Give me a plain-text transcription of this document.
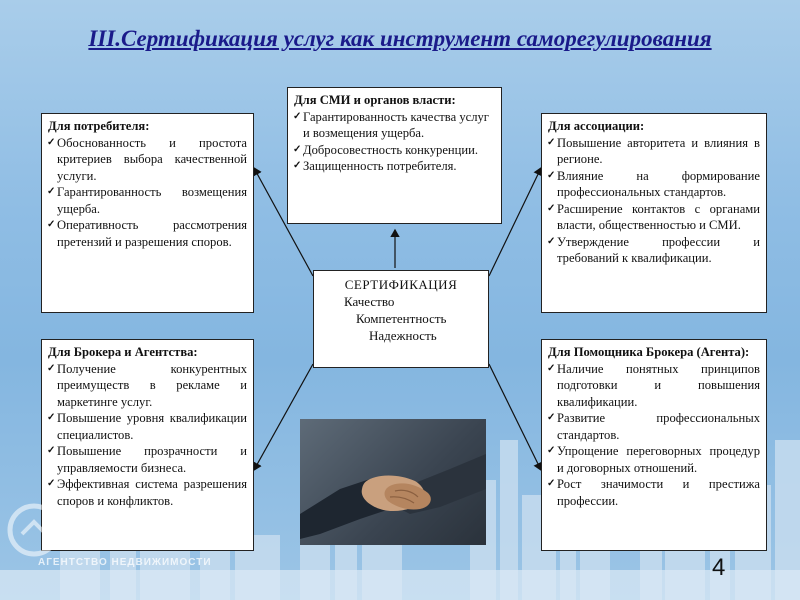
III.Сертификация услуг как инструмент саморегулирования
Для СМИ и органов власти:
✓ Гарантированность качества услуг и возмещения ущерба.
✓ Добросовестность конкуренции.
✓ Защищенность потребителя.
Для потребителя:
✓ Обоснованность и простота критериев выбора качественной услуги.
✓ Гарантированность возмещения ущерба.
✓ Оперативность рассмотрения претензий и разрешения споров.
Для ассоциации:
✓ Повышение авторитета и влияния в регионе.
✓ Влияние на формирование профессиональных стандартов.
✓ Расширение контактов с органами власти, общественностью и СМИ.
✓ Утверждение профессии и требований к квалификации.
СЕРТИФИКАЦИЯ
Качество
Компетентность
Надежность
Для Брокера и Агентства:
✓ Получение конкурентных преимуществ в рекламе и маркетинге услуг.
✓ Повышение уровня квалификации специалистов.
✓ Повышение прозрачности и управляемости бизнеса.
✓ Эффективная система разрешения споров и конфликтов.
Для Помощника Брокера (Агента):
✓ Наличие понятных принципов подготовки и повышения квалификации.
✓ Развитие профессиональных стандартов.
✓ Упрощение переговорных процедур и договорных отношений.
✓ Рост значимости и престижа профессии.
АГЕНТСТВО НЕДВИЖИМОСТИ	4
